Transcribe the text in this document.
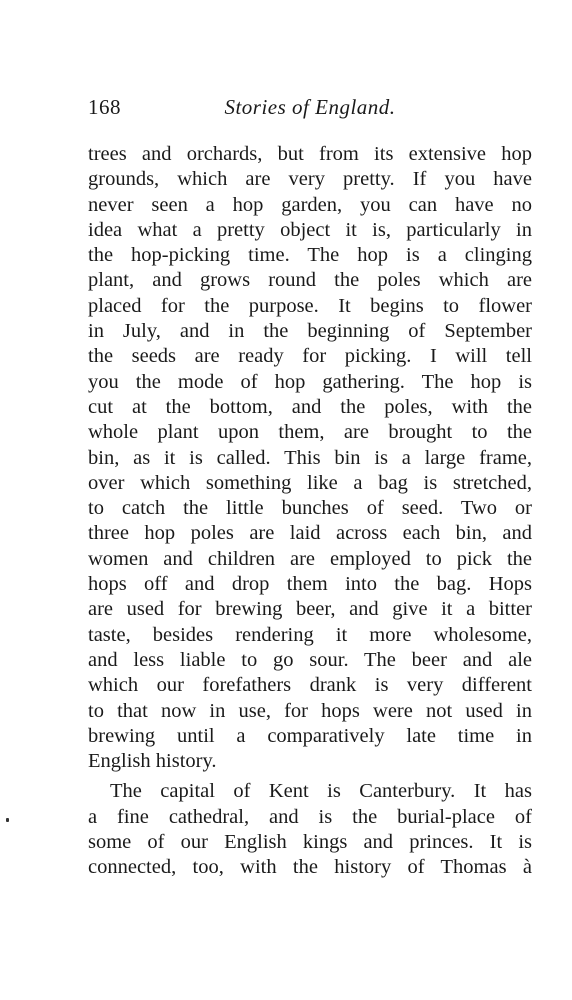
168	Stories of England.
trees and orchards, but from its extensive hop
grounds, which are very pretty. If you have
never seen a hop garden, you can have no
idea what a pretty object it is, particularly in
the hop-picking time. The hop is a clinging
plant, and grows round the poles which are
placed for the purpose. It begins to flower
in July, and in the beginning of September
the seeds are ready for picking. I will tell
you the mode of hop gathering. The hop is
cut at the bottom, and the poles, with the
whole plant upon them, are brought to the
bin, as it is called. This bin is a large frame,
over which something like a bag is stretched,
to catch the little bunches of seed. Two or
three hop poles are laid across each bin, and
women and children are employed to pick the
hops off and drop them into the bag. Hops
are used for brewing beer, and give it a bitter
taste, besides rendering it more wholesome,
and less liable to go sour. The beer and ale
which our forefathers drank is very different
to that now in use, for hops were not used in
brewing until a comparatively late time in
English history.
The capital of Kent is Canterbury. It has
a fine cathedral, and is the burial-place of
some of our English kings and princes. It is
connected, too, with the history of Thomas à
